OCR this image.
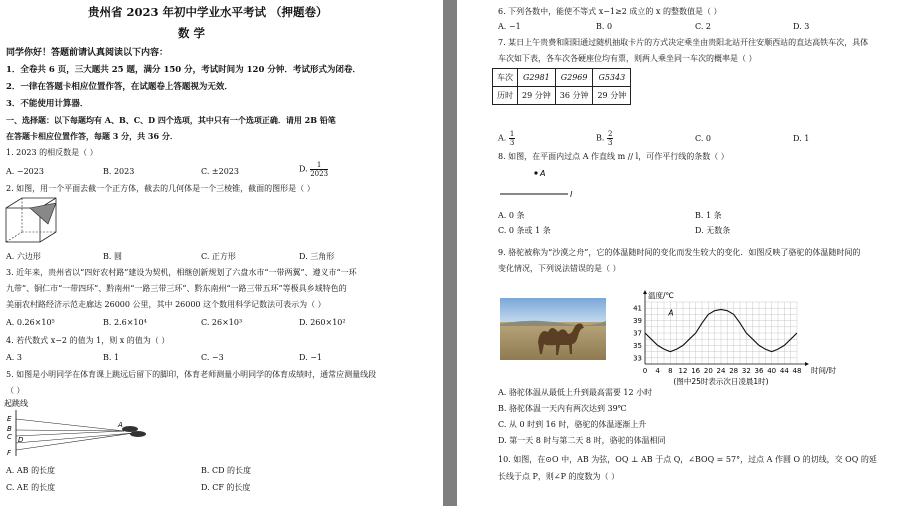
贵州省 2023 年初中学业水平考试 （押题卷）
数 学
同学你好！答题前请认真阅读以下内容：
1．全卷共 6 页，三大题共 25 题，满分 150 分，考试时间为 120 分钟．考试形式为闭卷．
2．一律在答题卡相应位置作答，在试题卷上答题视为无效．
3．不能使用计算器．
一、选择题：以下每题均有 A、B、C、D 四个选项，其中只有一个选项正确．请用 2B 铅笔
在答题卡相应位置作答，每题 3 分，共 36 分．
1. 2023 的相反数是（ ）
A. −2023	B. 2023	C. ±2023	D. $\frac{1}{2023}$
2. 如图，用一个平面去截一个正方体，截去的几何体是一个三棱锥，截面的图形是（ ）
A. 六边形	B. 圆	C. 正方形	D. 三角形
3. 近年来，贵州省以“四好农村路”建设为契机，相继创新规划了六盘水市“一带两翼”、遵义市“一环
九带”、铜仁市“一带四环”、黔南州“一路三带三环”、黔东南州“一路三带五环”等极具乡域特色的
美丽农村路经济示范走廊达 26000 公里，其中 26000 这个数用科学记数法可表示为（ ）
A. 0.26×10⁵	B. 2.6×10⁴	C. 26×10³	D. 260×10²
4. 若代数式 x−2 的值为 1，则 x 的值为（ ）
A. 3	B. 1	C. −3	D. −1
5. 如图是小明同学在体育课上跳远后留下的脚印，体育老师测量小明同学的体育成绩时，通常应测量线段
（ ）
起跳线
E
B
C D
F
A
A. AB 的长度	B. CD 的长度
C. AE 的长度	D. CF 的长度
6. 下列各数中，能使不等式 x−1≥2 成立的 x 的整数值是（ ）
A. −1	B. 0	C. 2	D. 3
7. 某日上午贵费和阳阳通过随机抽取卡片的方式决定乘坐由贵阳北站开往安顺西站的直达高铁车次，具体
车次如下表，各车次各硬座位均有票，则两人乘坐同一车次的概率是（ ）
车次	G2981	G2969	G5343
历时	29 分钟	36 分钟	29 分钟
A. $\frac{1}{3}$	B. $\frac{2}{3}$	C. 0	D. 1
8. 如图，在平面内过点 A 作直线 m // l，可作平行线的条数（ ）
A
l
A. 0 条	B. 1 条
C. 0 条或 1 条	D. 无数条
9. 骆驼被称为“沙漠之舟”，它的体温随时间的变化而发生较大的变化．如图反映了骆驼的体温随时间的
变化情况，下列说法错误的是（ ）
33
35
37
39
41
0 4 8 12 16 20 24 28 32 36 40 44 48
温度/℃
时间/时
(图中25时表示次日凌晨1时)
A
A. 骆驼体温从最低上升到最高需要 12 小时
B. 骆驼体温一天内有两次达到 39℃
C. 从 0 时到 16 时，骆驼的体温逐渐上升
D. 第一天 8 时与第二天 8 时，骆驼的体温相同
10. 如图，在⊙O 中，AB 为弦，OQ ⊥ AB 于点 Q，∠BOQ = 57°，过点 A 作圆 O 的切线，交 OQ 的延
长线于点 P，则∠P 的度数为（ ）
